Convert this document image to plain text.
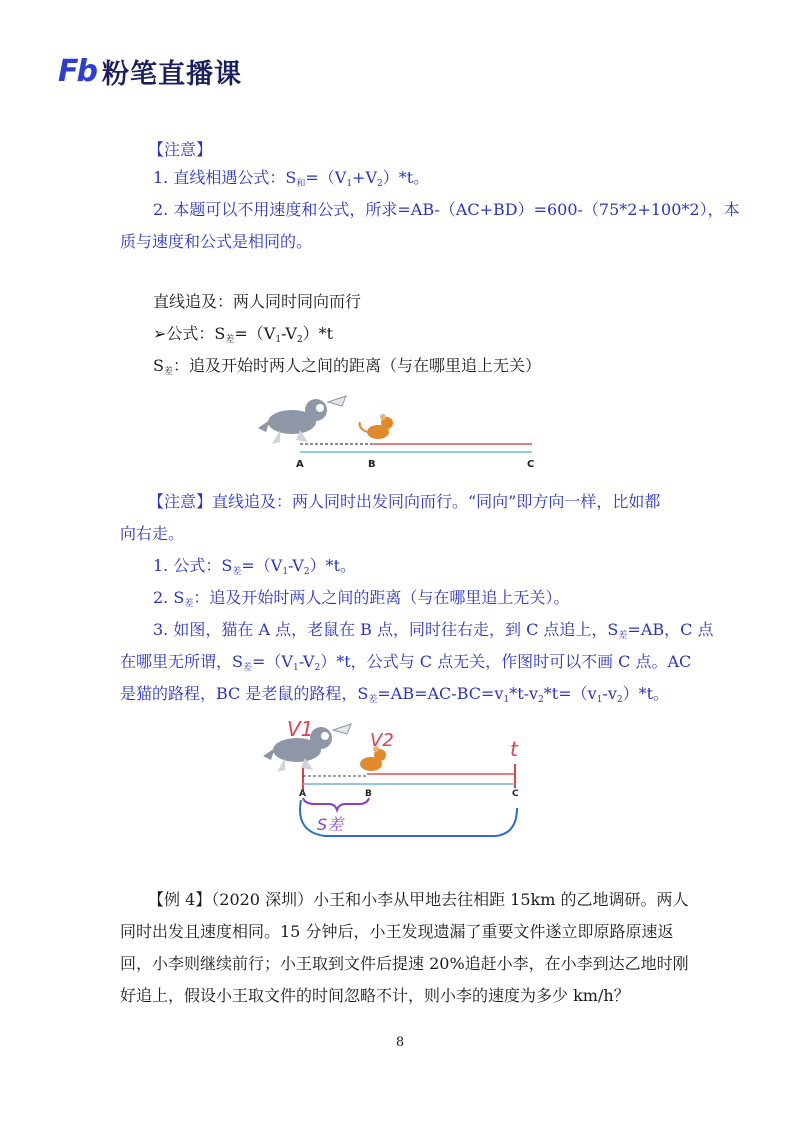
Fb 粉笔直播课
【注意】
1. 直线相遇公式：$S_和=(V_1+V_2)*t$。
2. 本题可以不用速度和公式，所求=AB-（AC+BD）=600-（75*2+100*2），本
质与速度和公式是相同的。
直线追及：两人同时同向而行
➢公式：$S_差=(V_1-V_2)*t$
$S_差$：追及开始时两人之间的距离（与在哪里追上无关）
A	B	C
【注意】直线追及：两人同时出发同向而行。“同向”即方向一样，比如都
向右走。
1. 公式：$S_差=(V_1-V_2)*t$。
2. $S_差$：追及开始时两人之间的距离（与在哪里追上无关）。
3. 如图，猫在 A 点，老鼠在 B 点，同时往右走，到 C 点追上，$S_差=AB$，C 点
在哪里无所谓，$S_差=(V_1-V_2)*t$，公式与 C 点无关，作图时可以不画 C 点。AC
是猫的路程，BC 是老鼠的路程，$S_差=AB=AC-BC=v_1*t-v_2*t=(v_1-v_2)*t$。
V1	V2	t
A	B	C
S差
【例 4】（2020 深圳）小王和小李从甲地去往相距 15km 的乙地调研。两人
同时出发且速度相同。15 分钟后，小王发现遗漏了重要文件遂立即原路原速返
回，小李则继续前行；小王取到文件后提速 20%追赶小李，在小李到达乙地时刚
好追上，假设小王取文件的时间忽略不计，则小李的速度为多少 km/h？
8
